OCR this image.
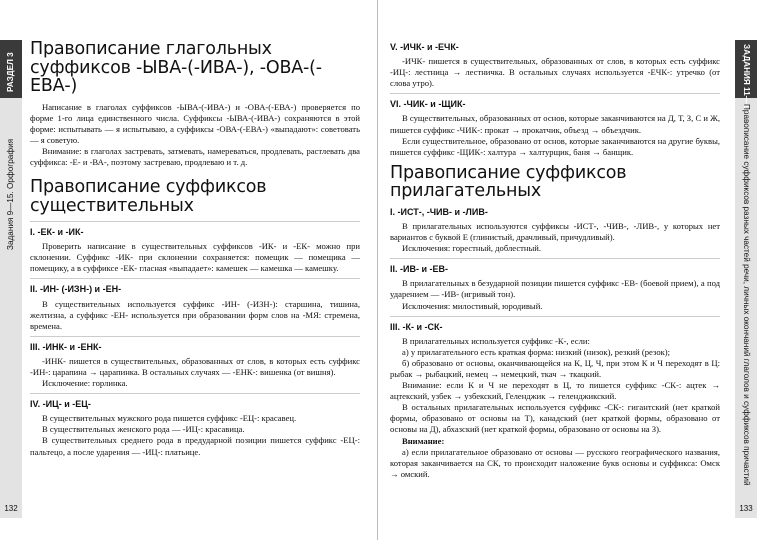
РАЗДЕЛ 3
Задания 9—15. Орфография
132
Правописание глагольных суффиксов -ЫВА-(-ИВА-), -ОВА-(-ЕВА-)

Написание в глаголах суффиксов -ЫВА-(-ИВА-) и -ОВА-(-ЕВА-) проверяется по форме 1-го лица единственного числа. Суффиксы -ЫВА-(-ИВА-) сохраняются в этой форме: испытывать — я испытываю, а суффиксы -ОВА-(-ЕВА-) «выпадают»: советовать — я советую.

Внимание: в глаголах застревать, затмевать, намереваться, продлевать, растлевать два суффикса: -Е- и -ВА-, поэтому застреваю, продлеваю и т. д.

Правописание суффиксов существительных
I. -ЕК- и -ИК-

Проверить написание в существительных суффиксов -ИК- и -ЕК- можно при склонении. Суффикс -ИК- при склонении сохраняется: помещик — помещика — помещику, а в суффиксе -ЕК- гласная «выпадает»: камешек — камешка — камешку.

II. -ИН- (-ИЗН-) и -ЕН-

В существительных используется суффикс -ИН- (-ИЗН-): старшина, тишина, желтизна, а суффикс -ЕН- используется при образовании форм слов на -МЯ: стремена, времена.

III. -ИНК- и -ЕНК-

-ИНК- пишется в существительных, образованных от слов, в которых есть суффикс -ИН-: царапина → царапинка. В остальных случаях — -ЕНК-: вишенка (от вишня).

Исключение: горлинка.

IV. -ИЦ- и -ЕЦ-

В существительных мужского рода пишется суффикс -ЕЦ-: красавец.

В существительных женского рода — -ИЦ-: красавица.

В существительных среднего рода в предударной позиции пишется суффикс -ЕЦ-: пальтецо, а после ударения — -ИЦ-: платьице.

ЗАДАНИЯ 11—12
Правописание суффиксов разных частей речи, личных окончаний глаголов и суффиксов причастий
133
V. -ИЧК- и -ЕЧК-

-ИЧК- пишется в существительных, образованных от слов, в которых есть суффикс -ИЦ-: лестница → лестничка. В остальных случаях используется -ЕЧК-: утречко (от слова утро).

VI. -ЧИК- и -ЩИК-

В существительных, образованных от основ, которые заканчиваются на Д, Т, З, С и Ж, пишется суффикс -ЧИК-: прокат → прокатчик, объезд → объездчик.

Если существительное, образовано от основ, которые заканчиваются на другие буквы, пишется суффикс -ЩИК-: халтура → халтурщик, баня → банщик.

Правописание суффиксов прилагательных
I. -ИСТ-, -ЧИВ- и -ЛИВ-

В прилагательных используются суффиксы -ИСТ-, -ЧИВ-, -ЛИВ-, у которых нет вариантов с буквой Е (глинистый, драчливый, причудливый).

Исключения: горестный, доблестный.

II. -ИВ- и -ЕВ-

В прилагательных в безударной позиции пишется суффикс -ЕВ- (боевой прием), а под ударением — -ИВ- (игривый тон).

Исключения: милостивый, юродивый.

III. -К- и -СК-

В прилагательных используется суффикс -К-, если:

а) у прилагательного есть краткая форма: низкий (низок), резкий (резок);

б) образовано от основы, оканчивающейся на К, Ц, Ч, при этом К и Ч переходят в Ц: рыбак → рыбацкий, немец → немецкий, ткач → ткацкий.

Внимание: если К и Ч не переходят в Ц, то пишется суффикс -СК-: ацтек → ацтекский, узбек → узбекский, Геленджик → геленджикский.

В остальных прилагательных используется суффикс -СК-: гигантский (нет краткой формы, образовано от основы на Т), канадский (нет краткой формы, образовано от основы на Д), абхазский (нет краткой формы, образовано от основы на З).

Внимание:

а) если прилагательное образовано от основы — русского географического названия, которая заканчивается на СК, то происходит наложение букв основы и суффикса: Омск → омский.
